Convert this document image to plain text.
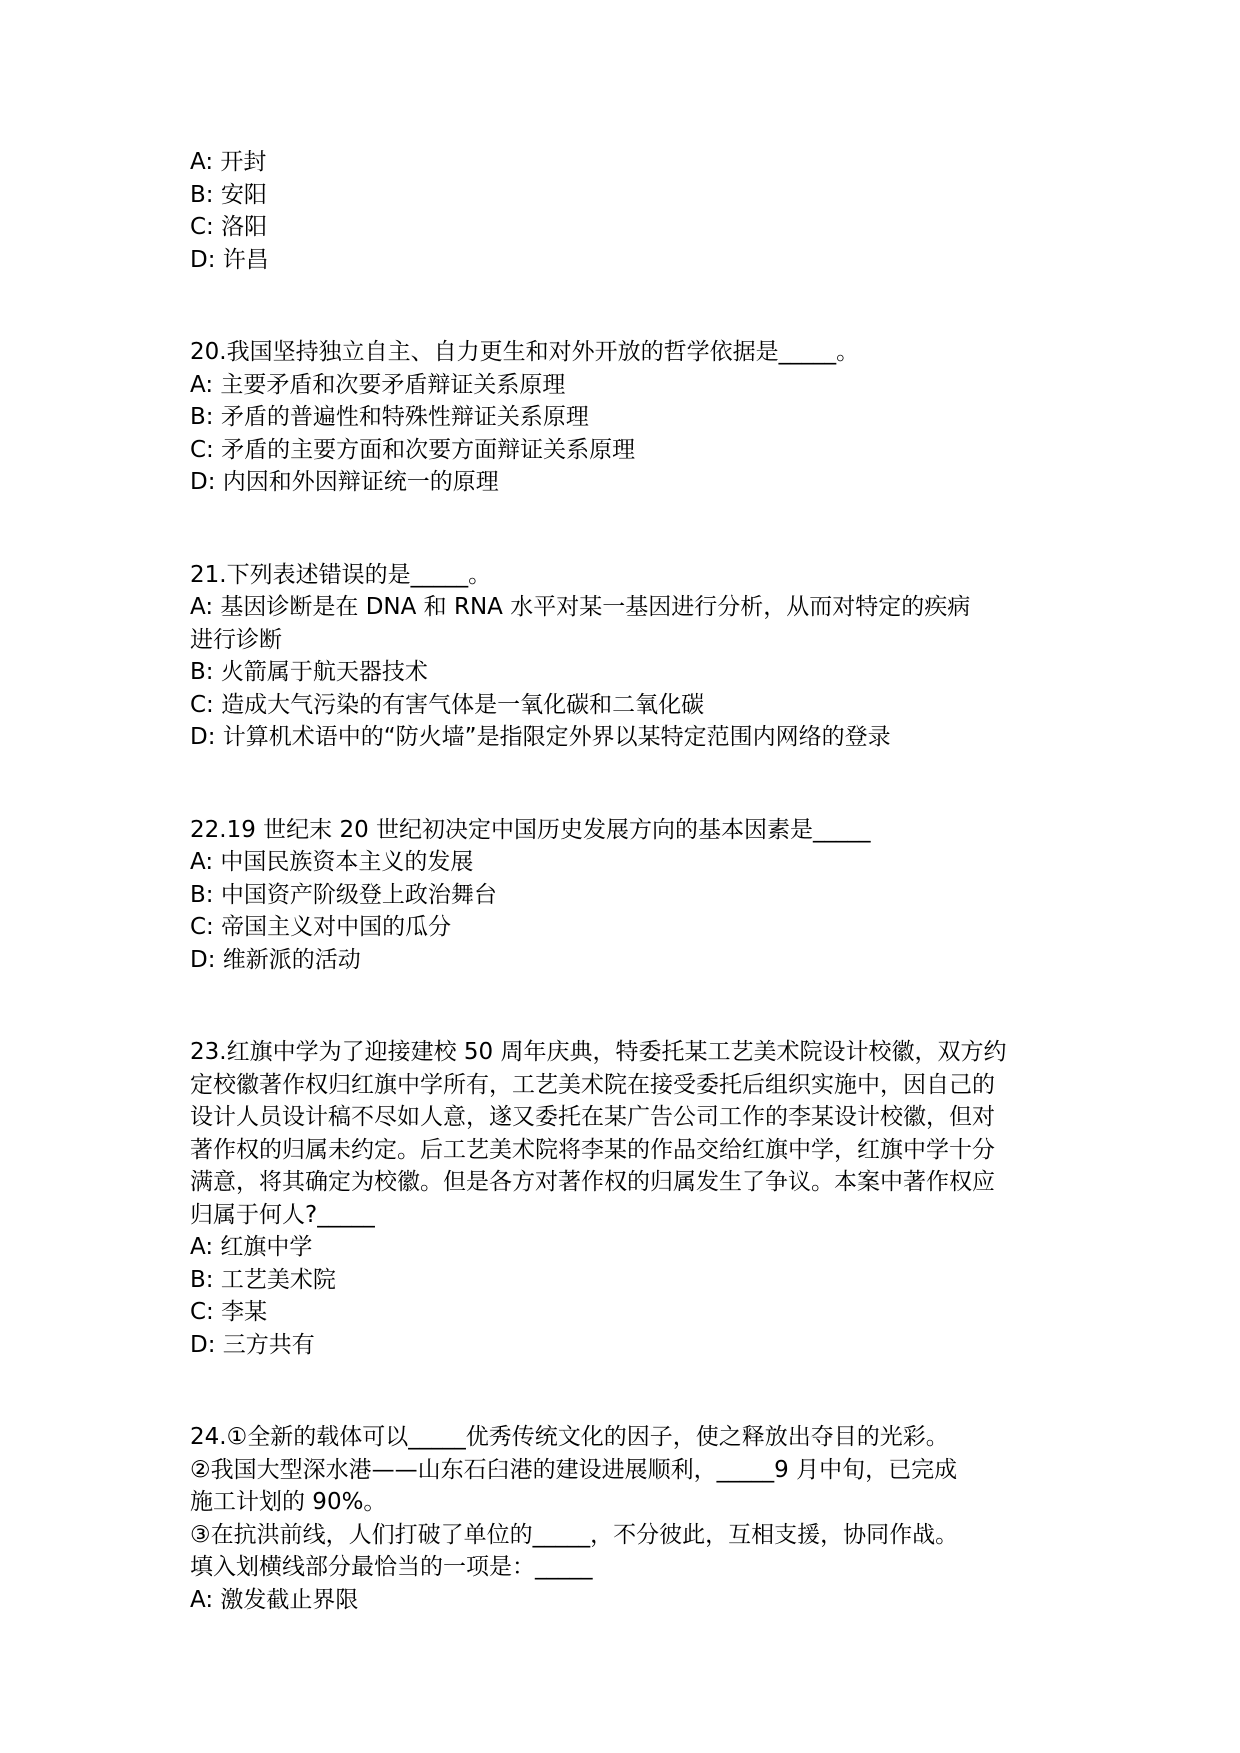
A: 开封

B: 安阳

C: 洛阳

D: 许昌

20.我国坚持独立自主、自力更生和对外开放的哲学依据是_____。

A: 主要矛盾和次要矛盾辩证关系原理

B: 矛盾的普遍性和特殊性辩证关系原理

C: 矛盾的主要方面和次要方面辩证关系原理

D: 内因和外因辩证统一的原理

21.下列表述错误的是_____。

A: 基因诊断是在 DNA 和 RNA 水平对某一基因进行分析，从而对特定的疾病

进行诊断

B: 火箭属于航天器技术

C: 造成大气污染的有害气体是一氧化碳和二氧化碳

D: 计算机术语中的“防火墙”是指限定外界以某特定范围内网络的登录

22.19 世纪末 20 世纪初决定中国历史发展方向的基本因素是_____

A: 中国民族资本主义的发展

B: 中国资产阶级登上政治舞台

C: 帝国主义对中国的瓜分

D: 维新派的活动

23.红旗中学为了迎接建校 50 周年庆典，特委托某工艺美术院设计校徽，双方约

定校徽著作权归红旗中学所有，工艺美术院在接受委托后组织实施中，因自己的

设计人员设计稿不尽如人意，遂又委托在某广告公司工作的李某设计校徽，但对

著作权的归属未约定。后工艺美术院将李某的作品交给红旗中学，红旗中学十分

满意，将其确定为校徽。但是各方对著作权的归属发生了争议。本案中著作权应

归属于何人?_____

A: 红旗中学

B: 工艺美术院

C: 李某

D: 三方共有

24.①全新的载体可以_____优秀传统文化的因子，使之释放出夺目的光彩。

②我国大型深水港——山东石臼港的建设进展顺利，_____9 月中旬，已完成

施工计划的 90%。

③在抗洪前线，人们打破了单位的_____，不分彼此，互相支援，协同作战。

填入划横线部分最恰当的一项是：_____

A: 激发截止界限
